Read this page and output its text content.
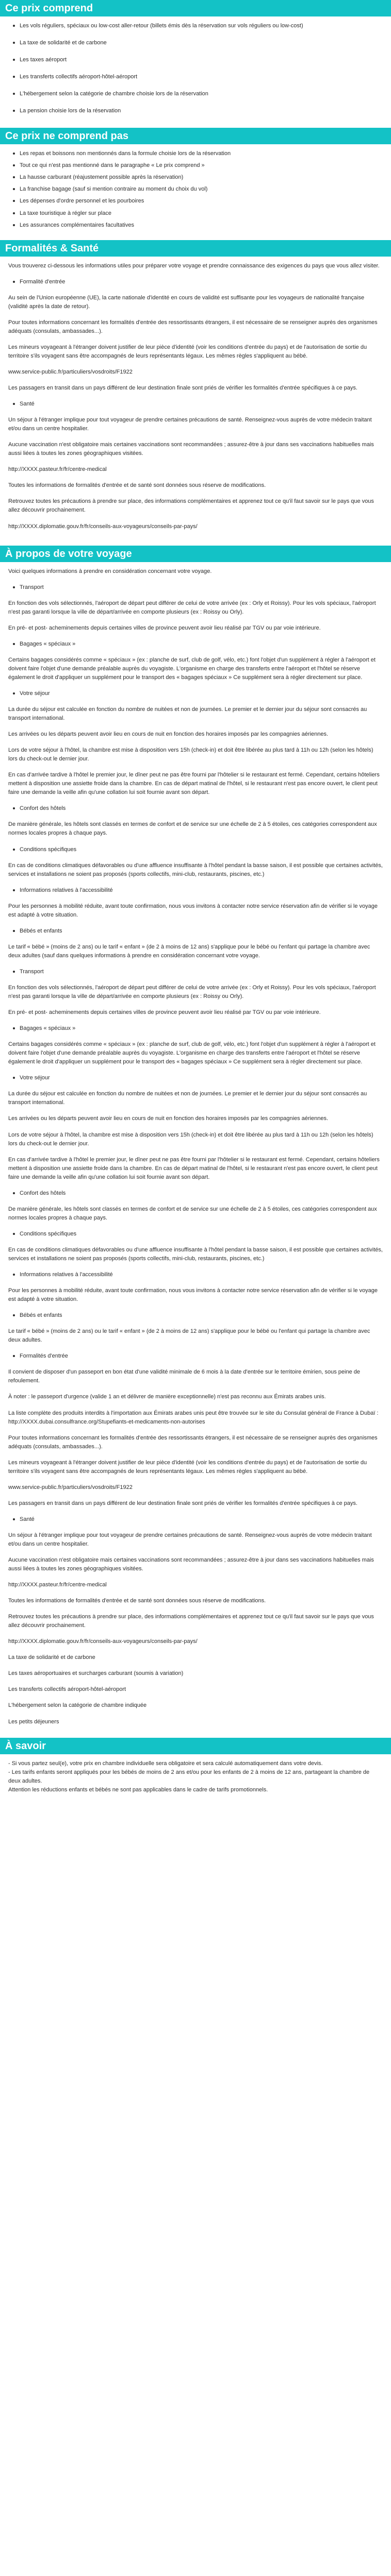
Ce prix comprend
Les vols réguliers, spéciaux ou low-cost aller-retour (billets émis dès la réservation sur vols réguliers ou low-cost)
La taxe de solidarité et de carbone
Les taxes aéroport
Les transferts collectifs aéroport-hôtel-aéroport
L'hébergement selon la catégorie de chambre choisie lors de la réservation
La pension choisie lors de la réservation
Ce prix ne comprend pas
Les repas et boissons non mentionnés dans la formule choisie lors de la réservation
Tout ce qui n'est pas mentionné dans le paragraphe « Le prix comprend »
La hausse carburant (réajustement possible après la réservation)
La franchise bagage (sauf si mention contraire au moment du choix du vol)
Les dépenses d'ordre personnel et les pourboires
La taxe touristique à régler sur place
Les assurances complémentaires facultatives
Formalités & Santé

Vous trouverez ci-dessous les informations utiles pour préparer votre voyage et prendre connaissance des exigences du pays que vous allez visiter.

Formalité d'entrée

Au sein de l'Union européenne (UE), la carte nationale d'identité en cours de validité est suffisante pour les voyageurs de nationalité française (validité après la date de retour).

Pour toutes informations concernant les formalités d'entrée des ressortissants étrangers, il est nécessaire de se renseigner auprès des organismes adéquats (consulats, ambassades...).

Les mineurs voyageant à l'étranger doivent justifier de leur pièce d'identité (voir les conditions d'entrée du pays) et de l'autorisation de sortie du territoire s'ils voyagent sans être accompagnés de leurs représentants légaux. Les mêmes règles s'appliquent au bébé.

www.service-public.fr/particuliers/vosdroits/F1922

Les passagers en transit dans un pays différent de leur destination finale sont priés de vérifier les formalités d'entrée spécifiques à ce pays.

Santé

Un séjour à l'étranger implique pour tout voyageur de prendre certaines précautions de santé. Renseignez-vous auprès de votre médecin traitant et/ou dans un centre hospitalier.

Aucune vaccination n'est obligatoire mais certaines vaccinations sont recommandées ; assurez-être à jour dans ses vaccinations habituelles mais aussi liées à toutes les zones géographiques visitées.

http://XXXX.pasteur.fr/fr/centre-medical

Toutes les informations de formalités d'entrée et de santé sont données sous réserve de modifications.

Retrouvez toutes les précautions à prendre sur place, des informations complémentaires et apprenez tout ce qu'il faut savoir sur le pays que vous allez découvrir prochainement.

http://XXXX.diplomatie.gouv.fr/fr/conseils-aux-voyageurs/conseils-par-pays/

À propos de votre voyage

Voici quelques informations à prendre en considération concernant votre voyage.

Transport

En fonction des vols sélectionnés, l'aéroport de départ peut différer de celui de votre arrivée (ex : Orly et Roissy). Pour les vols spéciaux, l'aéroport n'est pas garanti lorsque la ville de départ/arrivée en comporte plusieurs (ex : Roissy ou Orly).

En pré- et post- acheminements depuis certaines villes de province peuvent avoir lieu réalisé par TGV ou par voie intérieure.

Bagages « spéciaux »

Certains bagages considérés comme « spéciaux » (ex : planche de surf, club de golf, vélo, etc.) font l'objet d'un supplément à régler à l'aéroport et doivent faire l'objet d'une demande préalable auprès du voyagiste. L'organisme en charge des transferts entre l'aéroport et l'hôtel se réserve également le droit d'appliquer un supplément pour le transport des « bagages spéciaux » Ce supplément sera à régler directement sur place.

Votre séjour

La durée du séjour est calculée en fonction du nombre de nuitées et non de journées. Le premier et le dernier jour du séjour sont consacrés au transport international.

Les arrivées ou les départs peuvent avoir lieu en cours de nuit en fonction des horaires imposés par les compagnies aériennes.

Lors de votre séjour à l'hôtel, la chambre est mise à disposition vers 15h (check-in) et doit être libérée au plus tard à 11h ou 12h (selon les hôtels) lors du check-out le dernier jour.

En cas d'arrivée tardive à l'hôtel le premier jour, le dîner peut ne pas être fourni par l'hôtelier si le restaurant est fermé. Cependant, certains hôteliers mettent à disposition une assiette froide dans la chambre. En cas de départ matinal de l'hôtel, si le restaurant n'est pas encore ouvert, le client peut faire une demande la veille afin qu'une collation lui soit fournie avant son départ.

Confort des hôtels

De manière générale, les hôtels sont classés en termes de confort et de service sur une échelle de 2 à 5 étoiles, ces catégories correspondent aux normes locales propres à chaque pays.

Conditions spécifiques

En cas de conditions climatiques défavorables ou d'une affluence insuffisante à l'hôtel pendant la basse saison, il est possible que certaines activités, services et installations ne soient pas proposés (sports collectifs, mini-club, restaurants, piscines, etc.)

Informations relatives à l'accessibilité

Pour les personnes à mobilité réduite, avant toute confirmation, nous vous invitons à contacter notre service réservation afin de vérifier si le voyage est adapté à votre situation.

Bébés et enfants

Le tarif « bébé » (moins de 2 ans) ou le tarif « enfant » (de 2 à moins de 12 ans) s'applique pour le bébé ou l'enfant qui partage la chambre avec deux adultes (sauf dans quelques informations à prendre en considération concernant votre voyage.

Transport

En fonction des vols sélectionnés, l'aéroport de départ peut différer de celui de votre arrivée (ex : Orly et Roissy). Pour les vols spéciaux, l'aéroport n'est pas garanti lorsque la ville de départ/arrivée en comporte plusieurs (ex : Roissy ou Orly).

En pré- et post- acheminements depuis certaines villes de province peuvent avoir lieu réalisé par TGV ou par voie intérieure.

Bagages « spéciaux »

Certains bagages considérés comme « spéciaux » (ex : planche de surf, club de golf, vélo, etc.) font l'objet d'un supplément à régler à l'aéroport et doivent faire l'objet d'une demande préalable auprès du voyagiste. L'organisme en charge des transferts entre l'aéroport et l'hôtel se réserve également le droit d'appliquer un supplément pour le transport des « bagages spéciaux » Ce supplément sera à régler directement sur place.

Votre séjour

La durée du séjour est calculée en fonction du nombre de nuitées et non de journées. Le premier et le dernier jour du séjour sont consacrés au transport international.

Les arrivées ou les départs peuvent avoir lieu en cours de nuit en fonction des horaires imposés par les compagnies aériennes.

Lors de votre séjour à l'hôtel, la chambre est mise à disposition vers 15h (check-in) et doit être libérée au plus tard à 11h ou 12h (selon les hôtels) lors du check-out le dernier jour.

En cas d'arrivée tardive à l'hôtel le premier jour, le dîner peut ne pas être fourni par l'hôtelier si le restaurant est fermé. Cependant, certains hôteliers mettent à disposition une assiette froide dans la chambre. En cas de départ matinal de l'hôtel, si le restaurant n'est pas encore ouvert, le client peut faire une demande la veille afin qu'une collation lui soit fournie avant son départ.

Confort des hôtels

De manière générale, les hôtels sont classés en termes de confort et de service sur une échelle de 2 à 5 étoiles, ces catégories correspondent aux normes locales propres à chaque pays.

Conditions spécifiques

En cas de conditions climatiques défavorables ou d'une affluence insuffisante à l'hôtel pendant la basse saison, il est possible que certaines activités, services et installations ne soient pas proposés (sports collectifs, mini-club, restaurants, piscines, etc.)

Informations relatives à l'accessibilité

Pour les personnes à mobilité réduite, avant toute confirmation, nous vous invitons à contacter notre service réservation afin de vérifier si le voyage est adapté à votre situation.

Bébés et enfants

Le tarif « bébé » (moins de 2 ans) ou le tarif « enfant » (de 2 à moins de 12 ans) s'applique pour le bébé ou l'enfant qui partage la chambre avec deux adultes.

Formalités d'entrée

Il convient de disposer d'un passeport en bon état d'une validité minimale de 6 mois à la date d'entrée sur le territoire émirien, sous peine de refoulement.

À noter : le passeport d'urgence (valide 1 an et délivrer de manière exceptionnelle) n'est pas reconnu aux Émirats arabes unis.

La liste complète des produits interdits à l'importation aux Émirats arabes unis peut être trouvée sur le site du Consulat général de France à Dubaï : http://XXXX.dubai.consulfrance.org/Stupefiants-et-medicaments-non-autorises

Pour toutes informations concernant les formalités d'entrée des ressortissants étrangers, il est nécessaire de se renseigner auprès des organismes adéquats (consulats, ambassades...).

Les mineurs voyageant à l'étranger doivent justifier de leur pièce d'identité (voir les conditions d'entrée du pays) et de l'autorisation de sortie du territoire s'ils voyagent sans être accompagnés de leurs représentants légaux. Les mêmes règles s'appliquent au bébé.

www.service-public.fr/particuliers/vosdroits/F1922

Les passagers en transit dans un pays différent de leur destination finale sont priés de vérifier les formalités d'entrée spécifiques à ce pays.

Santé

Un séjour à l'étranger implique pour tout voyageur de prendre certaines précautions de santé. Renseignez-vous auprès de votre médecin traitant et/ou dans un centre hospitalier.

Aucune vaccination n'est obligatoire mais certaines vaccinations sont recommandées ; assurez-être à jour dans ses vaccinations habituelles mais aussi liées à toutes les zones géographiques visitées.

http://XXXX.pasteur.fr/fr/centre-medical

Toutes les informations de formalités d'entrée et de santé sont données sous réserve de modifications.

Retrouvez toutes les précautions à prendre sur place, des informations complémentaires et apprenez tout ce qu'il faut savoir sur le pays que vous allez découvrir prochainement.

http://XXXX.diplomatie.gouv.fr/fr/conseils-aux-voyageurs/conseils-par-pays/

La taxe de solidarité et de carbone

Les taxes aéroportuaires et surcharges carburant (soumis à variation)

Les transferts collectifs aéroport-hôtel-aéroport

L'hébergement selon la catégorie de chambre indiquée

Les petits déjeuners

À savoir
- Si vous partez seul(e), votre prix en chambre individuelle sera obligatoire et sera calculé automatiquement dans votre devis.
- Les tarifs enfants seront appliqués pour les bébés de moins de 2 ans et/ou pour les enfants de 2 à moins de 12 ans, partageant la chambre de deux adultes.
Attention les réductions enfants et bébés ne sont pas applicables dans le cadre de tarifs promotionnels.
